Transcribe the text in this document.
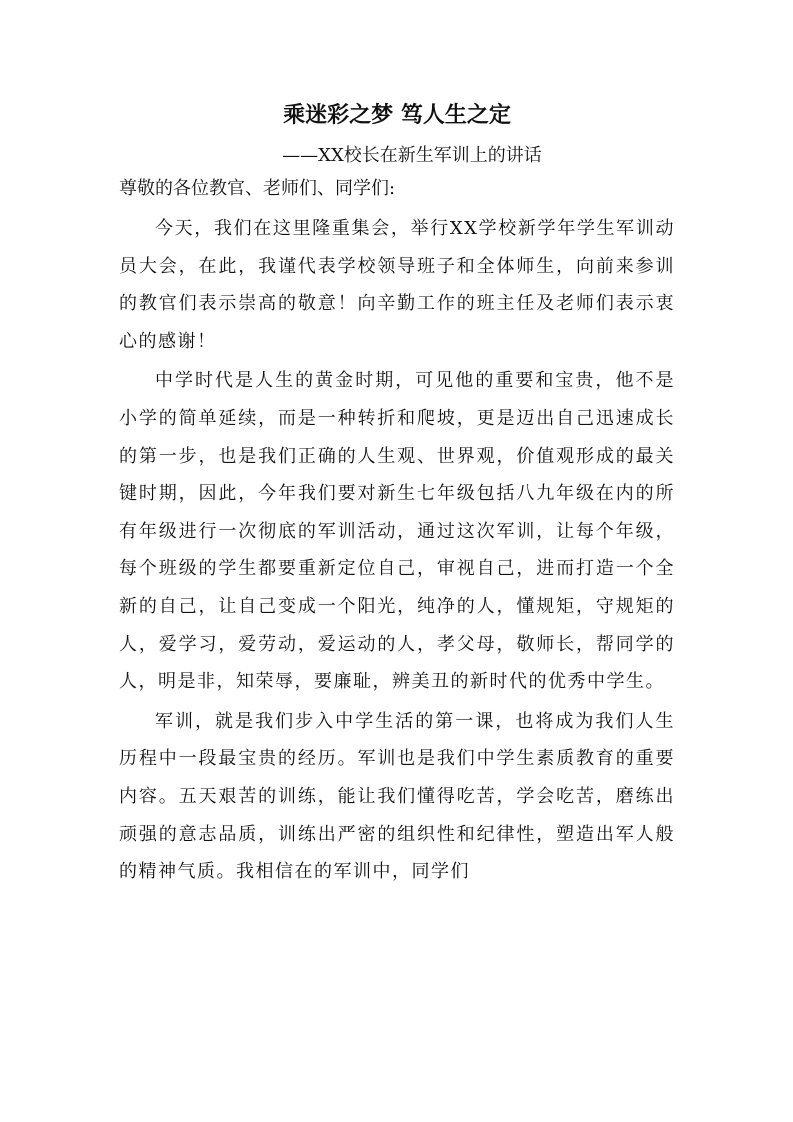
乘迷彩之梦 笃人生之定

——XX校长在新生军训上的讲话

尊敬的各位教官、老师们、同学们:

今天，我们在这里隆重集会，举行XX学校新学年学生军训动员大会，在此，我谨代表学校领导班子和全体师生，向前来参训的教官们表示崇高的敬意！向辛勤工作的班主任及老师们表示衷心的感谢！

中学时代是人生的黄金时期，可见他的重要和宝贵，他不是小学的简单延续，而是一种转折和爬坡，更是迈出自己迅速成长的第一步，也是我们正确的人生观、世界观，价值观形成的最关键时期，因此，今年我们要对新生七年级包括八九年级在内的所有年级进行一次彻底的军训活动，通过这次军训，让每个年级，每个班级的学生都要重新定位自己，审视自己，进而打造一个全新的自己，让自己变成一个阳光，纯净的人，懂规矩，守规矩的人，爱学习，爱劳动，爱运动的人，孝父母，敬师长，帮同学的人，明是非，知荣辱，要廉耻，辨美丑的新时代的优秀中学生。

军训，就是我们步入中学生活的第一课，也将成为我们人生历程中一段最宝贵的经历。军训也是我们中学生素质教育的重要内容。五天艰苦的训练，能让我们懂得吃苦，学会吃苦，磨练出顽强的意志品质，训练出严密的组织性和纪律性，塑造出军人般的精神气质。我相信在的军训中，同学们
